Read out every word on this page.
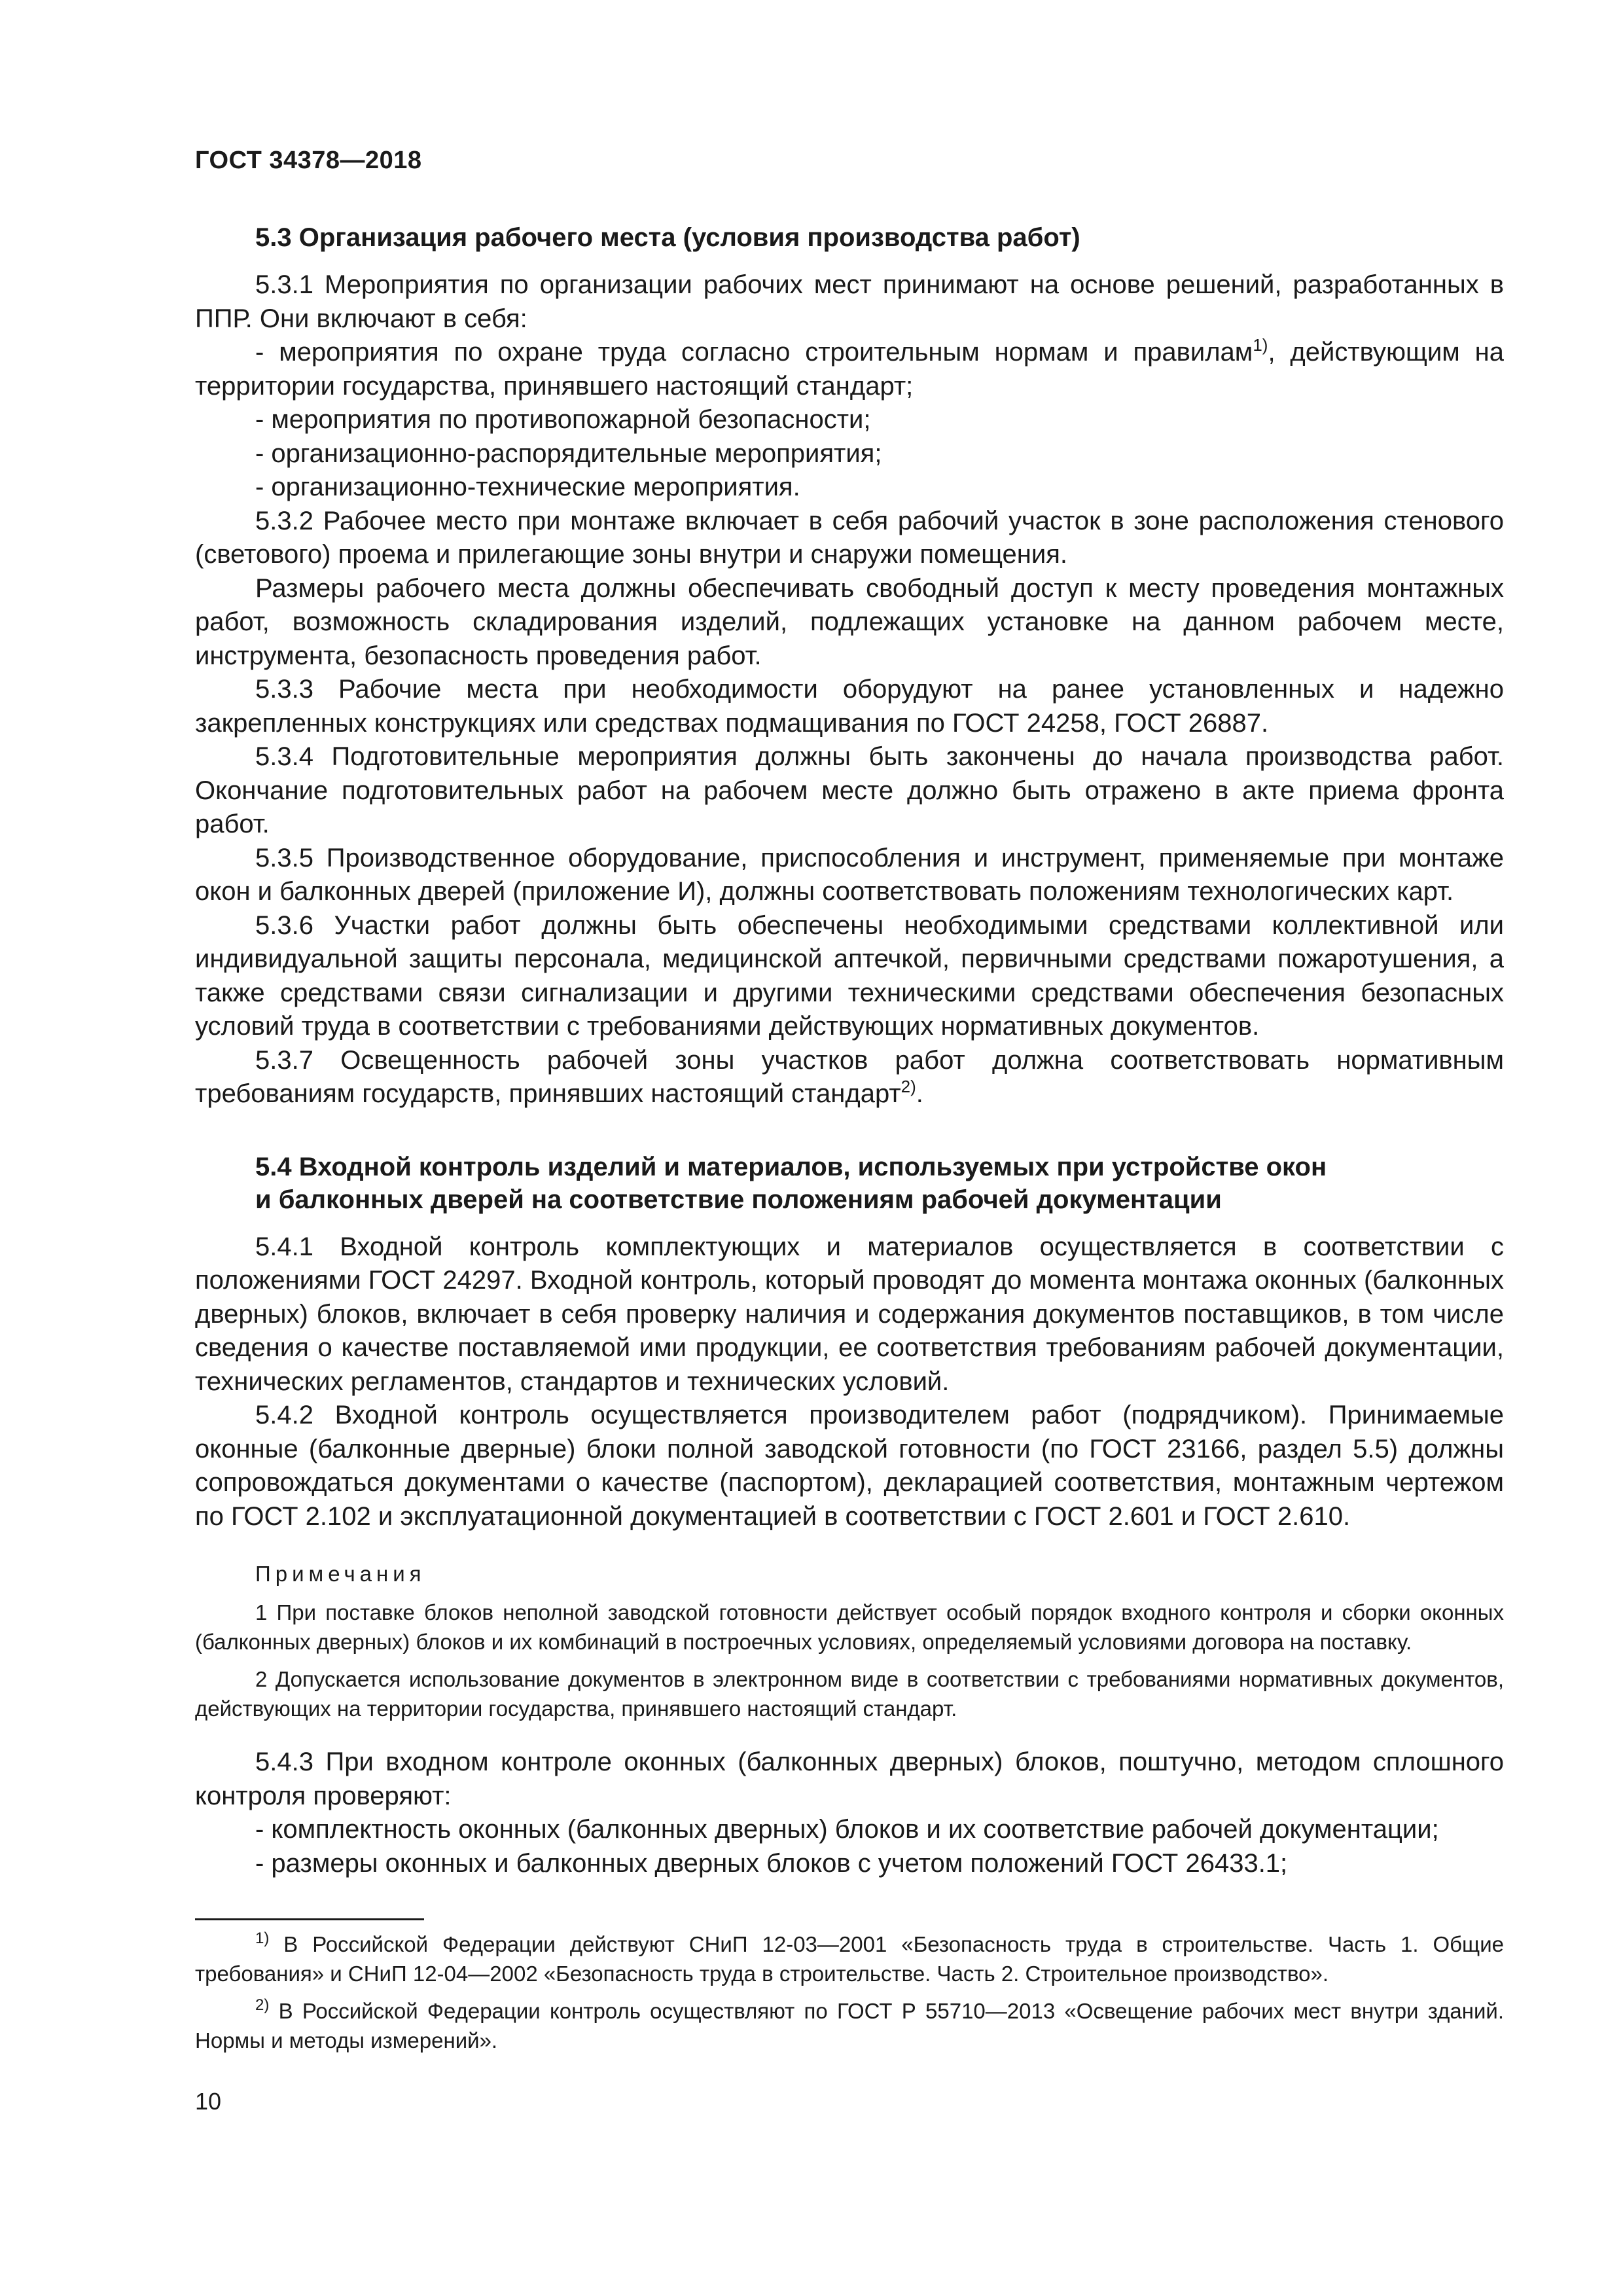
ГОСТ 34378—2018
5.3 Организация рабочего места (условия производства работ)

5.3.1 Мероприятия по организации рабочих мест принимают на основе решений, разработанных в ППР. Они включают в себя:

- мероприятия по охране труда согласно строительным нормам и правилам$^{1)}$, действующим на территории государства, принявшего настоящий стандарт;

- мероприятия по противопожарной безопасности;

- организационно-распорядительные мероприятия;

- организационно-технические мероприятия.

5.3.2 Рабочее место при монтаже включает в себя рабочий участок в зоне расположения стенового (светового) проема и прилегающие зоны внутри и снаружи помещения.

Размеры рабочего места должны обеспечивать свободный доступ к месту проведения монтажных работ, возможность складирования изделий, подлежащих установке на данном рабочем месте, инструмента, безопасность проведения работ.

5.3.3 Рабочие места при необходимости оборудуют на ранее установленных и надежно закрепленных конструкциях или средствах подмащивания по ГОСТ 24258, ГОСТ 26887.

5.3.4 Подготовительные мероприятия должны быть закончены до начала производства работ. Окончание подготовительных работ на рабочем месте должно быть отражено в акте приема фронта работ.

5.3.5 Производственное оборудование, приспособления и инструмент, применяемые при монтаже окон и балконных дверей (приложение И), должны соответствовать положениям технологических карт.

5.3.6 Участки работ должны быть обеспечены необходимыми средствами коллективной или индивидуальной защиты персонала, медицинской аптечкой, первичными средствами пожаротушения, а также средствами связи сигнализации и другими техническими средствами обеспечения безопасных условий труда в соответствии с требованиями действующих нормативных документов.

5.3.7 Освещенность рабочей зоны участков работ должна соответствовать нормативным требованиям государств, принявших настоящий стандарт$^{2)}$.

5.4 Входной контроль изделий и материалов, используемых при устройстве окон
и балконных дверей на соответствие положениям рабочей документации

5.4.1 Входной контроль комплектующих и материалов осуществляется в соответствии с положениями ГОСТ 24297. Входной контроль, который проводят до момента монтажа оконных (балконных дверных) блоков, включает в себя проверку наличия и содержания документов поставщиков, в том числе сведения о качестве поставляемой ими продукции, ее соответствия требованиям рабочей документации, технических регламентов, стандартов и технических условий.

5.4.2 Входной контроль осуществляется производителем работ (подрядчиком). Принимаемые оконные (балконные дверные) блоки полной заводской готовности (по ГОСТ 23166, раздел 5.5) должны сопровождаться документами о качестве (паспортом), декларацией соответствия, монтажным чертежом по ГОСТ 2.102 и эксплуатационной документацией в соответствии с ГОСТ 2.601 и ГОСТ 2.610.

Примечания

1 При поставке блоков неполной заводской готовности действует особый порядок входного контроля и сборки оконных (балконных дверных) блоков и их комбинаций в построечных условиях, определяемый условиями договора на поставку.

2 Допускается использование документов в электронном виде в соответствии с требованиями нормативных документов, действующих на территории государства, принявшего настоящий стандарт.

5.4.3 При входном контроле оконных (балконных дверных) блоков, поштучно, методом сплошного контроля проверяют:

- комплектность оконных (балконных дверных) блоков и их соответствие рабочей документации;

- размеры оконных и балконных дверных блоков с учетом положений ГОСТ 26433.1;

$^{1)}$ В Российской Федерации действуют СНиП 12-03—2001 «Безопасность труда в строительстве. Часть 1. Общие требования» и СНиП 12-04—2002 «Безопасность труда в строительстве. Часть 2. Строительное производство».

$^{2)}$ В Российской Федерации контроль осуществляют по ГОСТ Р 55710—2013 «Освещение рабочих мест внутри зданий. Нормы и методы измерений».

10
